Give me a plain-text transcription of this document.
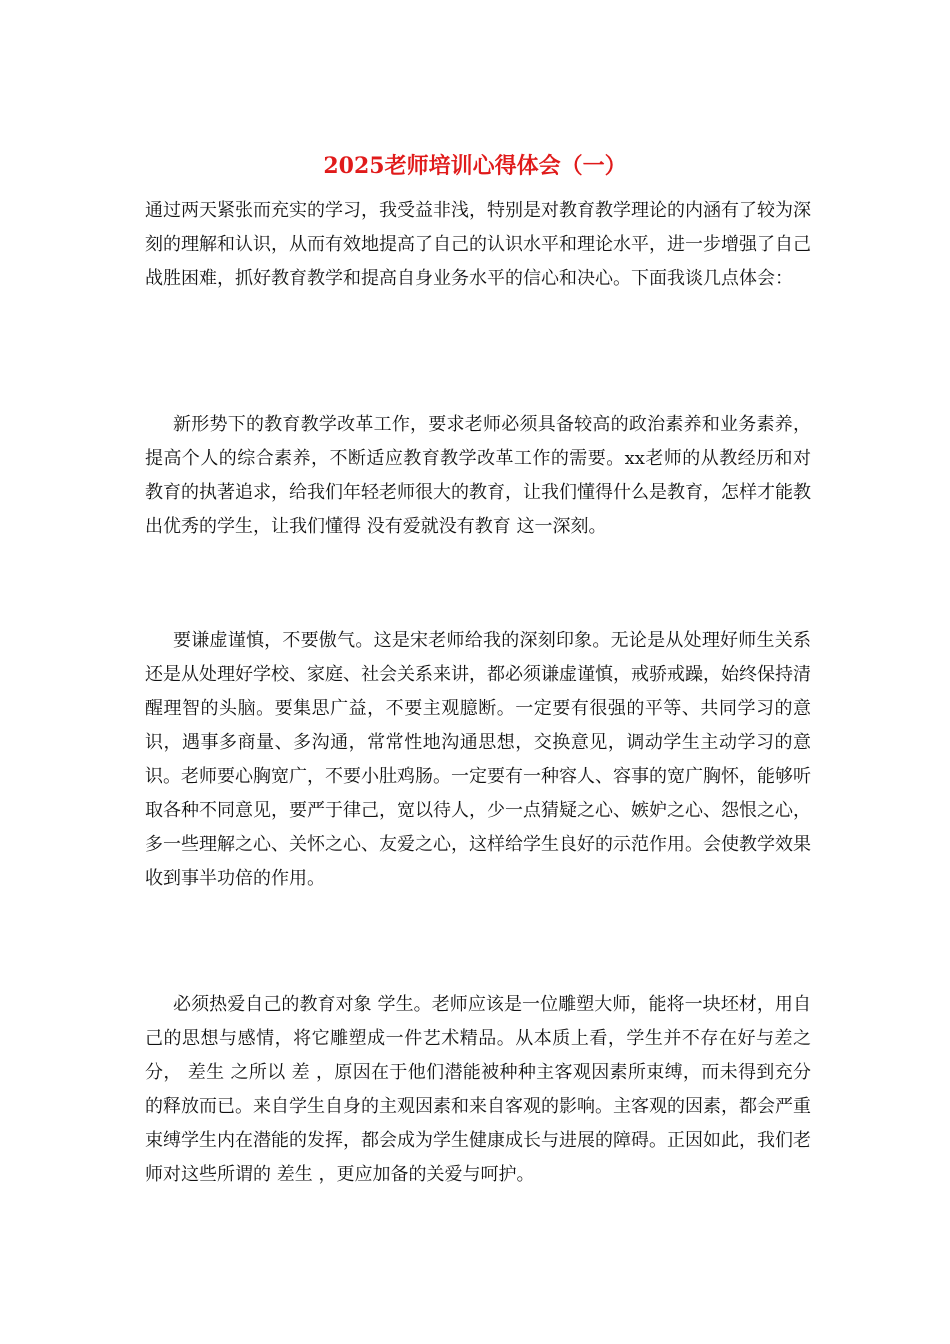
2025老师培训心得体会（一）

通过两天紧张而充实的学习，我受益非浅，特别是对教育教学理论的内涵有了较为深刻的理解和认识，从而有效地提高了自己的认识水平和理论水平，进一步增强了自己战胜困难，抓好教育教学和提高自身业务水平的信心和决心。下面我谈几点体会：

新形势下的教育教学改革工作，要求老师必须具备较高的政治素养和业务素养，提高个人的综合素养，不断适应教育教学改革工作的需要。xx老师的从教经历和对教育的执著追求，给我们年轻老师很大的教育，让我们懂得什么是教育，怎样才能教出优秀的学生，让我们懂得 没有爱就没有教育 这一深刻。

要谦虚谨慎，不要傲气。这是宋老师给我的深刻印象。无论是从处理好师生关系还是从处理好学校、家庭、社会关系来讲，都必须谦虚谨慎，戒骄戒躁，始终保持清醒理智的头脑。要集思广益，不要主观臆断。一定要有很强的平等、共同学习的意识，遇事多商量、多沟通，常常性地沟通思想，交换意见，调动学生主动学习的意识。老师要心胸宽广，不要小肚鸡肠。一定要有一种容人、容事的宽广胸怀，能够听取各种不同意见，要严于律己，宽以待人，少一点猜疑之心、嫉妒之心、怨恨之心，多一些理解之心、关怀之心、友爱之心，这样给学生良好的示范作用。会使教学效果收到事半功倍的作用。

必须热爱自己的教育对象 学生。老师应该是一位雕塑大师，能将一块坯材，用自己的思想与感情，将它雕塑成一件艺术精品。从本质上看，学生并不存在好与差之分， 差生 之所以 差 ，原因在于他们潜能被种种主客观因素所束缚，而未得到充分的释放而已。来自学生自身的主观因素和来自客观的影响。主客观的因素，都会严重束缚学生内在潜能的发挥，都会成为学生健康成长与进展的障碍。正因如此，我们老师对这些所谓的 差生 ，更应加备的关爱与呵护。
